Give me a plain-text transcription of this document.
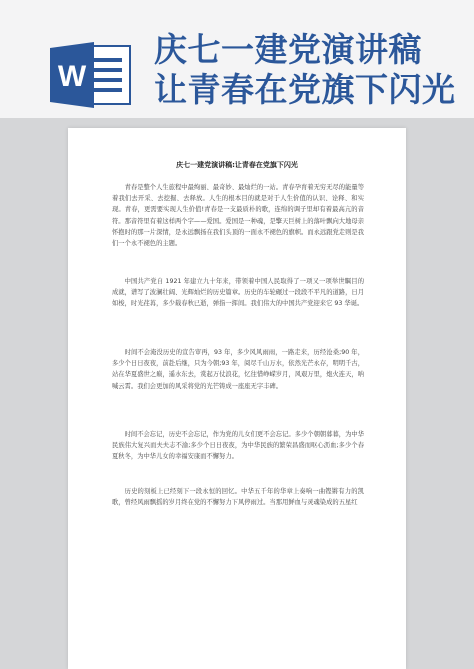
W
庆七一建党演讲稿
让青春在党旗下闪光
庆七一建党演讲稿:让青春在党旗下闪光

青春是整个人生旅程中最绚丽、最奇妙、最灿烂的一站。青春孕育着无穷无尽的能量等着我们去开采、去挖掘、去释放。人生的根本目的就是对于人生价值的认识、诠释、和实现。青春，更需要实现人生价值!青春是一支最质朴的歌，连绵的调子里却有着最高亢的音符。那音符里有着这样两个字——爱国。爱国是一种魂，是擎天巨树上的落叶飘向大地母亲怀抱时的那一片深情，是永远飘扬在我们头顶的一面永不褪色的旗帜。而永远跟党走则是我们一个永不褪色的主题。

中国共产党自 1921 年建立九十年来，带领着中国人民取得了一项又一项举世瞩目的成就，谱写了波澜壮阔、光辉灿烂的历史篇章。历史的车轮碾过一段段不平凡的道路，日月如梭，时光荏苒，多少载春秋已逝，弹指一挥间。我们伟大的中国共产党迎来它 93 华诞。

时间不会淹没历史的宣告审再，93 年，多少风风雨雨，一路走来，历经沧桑;90 年，多少个日日夜夜，前赴后继，只为今朝;93 年，阅尽千山万水，依然光芒永存，明明千古，站在华夏盛世之巅，遥水东去，赏起万仗浪花，忆往惜峥嵘岁月，风艰万里，炮火连天，呐喊云霄。我们会更加的风采将党的光芒铸成一座座无字丰碑。

时间不会忘记，历史不会忘记，作为党的儿女们更不会忘记。多少个朝朝暮暮，为中华民族伟大复兴而夫夫志不渝;多少个日日夜夜，为中华民族的繁荣昌盛而呕心沥血;多少个春夏秋冬，为中华儿女的幸福安康而不懈努力。

历史的刻板上已经刻下一段永恒的回忆。中华五千年的华章上奏响一曲铿锵有力的凯歌，曾经风雨飘摇的岁月终在党的不懈努力下风停雨过。当那用鲜血与灵魂染成的五星红
